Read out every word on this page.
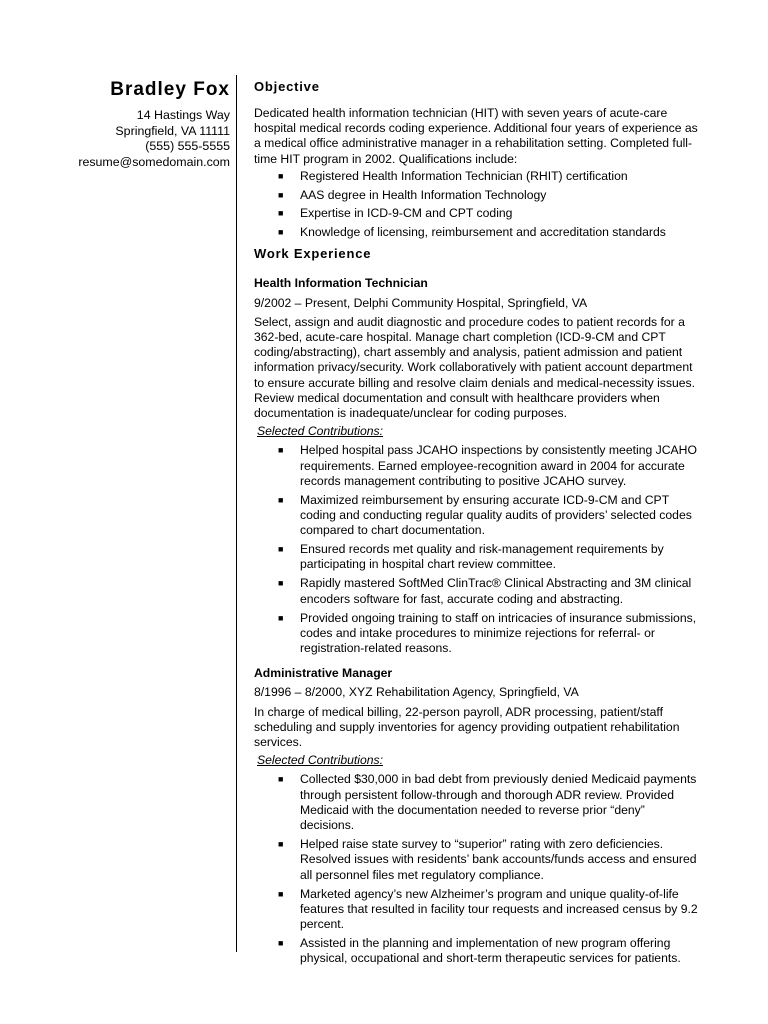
Bradley Fox
14 Hastings Way
Springfield, VA 11111
(555) 555-5555
resume@somedomain.com
Objective

Dedicated health information technician (HIT) with seven years of acute-care hospital medical records coding experience. Additional four years of experience as a medical office administrative manager in a rehabilitation setting. Completed full-time HIT program in 2002. Qualifications include:

■ Registered Health Information Technician (RHIT) certification
■ AAS degree in Health Information Technology
■ Expertise in ICD-9-CM and CPT coding
■ Knowledge of licensing, reimbursement and accreditation standards
Work Experience
Health Information Technician
9/2002 – Present, Delphi Community Hospital, Springfield, VA

Select, assign and audit diagnostic and procedure codes to patient records for a 362-bed, acute-care hospital. Manage chart completion (ICD-9-CM and CPT coding/abstracting), chart assembly and analysis, patient admission and patient information privacy/security. Work collaboratively with patient account department to ensure accurate billing and resolve claim denials and medical-necessity issues. Review medical documentation and consult with healthcare providers when documentation is inadequate/unclear for coding purposes.

Selected Contributions:
■ Helped hospital pass JCAHO inspections by consistently meeting JCAHO requirements. Earned employee-recognition award in 2004 for accurate records management contributing to positive JCAHO survey.
■ Maximized reimbursement by ensuring accurate ICD-9-CM and CPT coding and conducting regular quality audits of providers’ selected codes compared to chart documentation.
■ Ensured records met quality and risk-management requirements by participating in hospital chart review committee.
■ Rapidly mastered SoftMed ClinTrac® Clinical Abstracting and 3M clinical encoders software for fast, accurate coding and abstracting.
■ Provided ongoing training to staff on intricacies of insurance submissions, codes and intake procedures to minimize rejections for referral- or registration-related reasons.
Administrative Manager
8/1996 – 8/2000, XYZ Rehabilitation Agency, Springfield, VA

In charge of medical billing, 22-person payroll, ADR processing, patient/staff scheduling and supply inventories for agency providing outpatient rehabilitation services.

Selected Contributions:
■ Collected $30,000 in bad debt from previously denied Medicaid payments through persistent follow-through and thorough ADR review. Provided Medicaid with the documentation needed to reverse prior “deny” decisions.
■ Helped raise state survey to “superior” rating with zero deficiencies. Resolved issues with residents’ bank accounts/funds access and ensured all personnel files met regulatory compliance.
■ Marketed agency’s new Alzheimer’s program and unique quality-of-life features that resulted in facility tour requests and increased census by 9.2 percent.
■ Assisted in the planning and implementation of new program offering physical, occupational and short-term therapeutic services for patients.
